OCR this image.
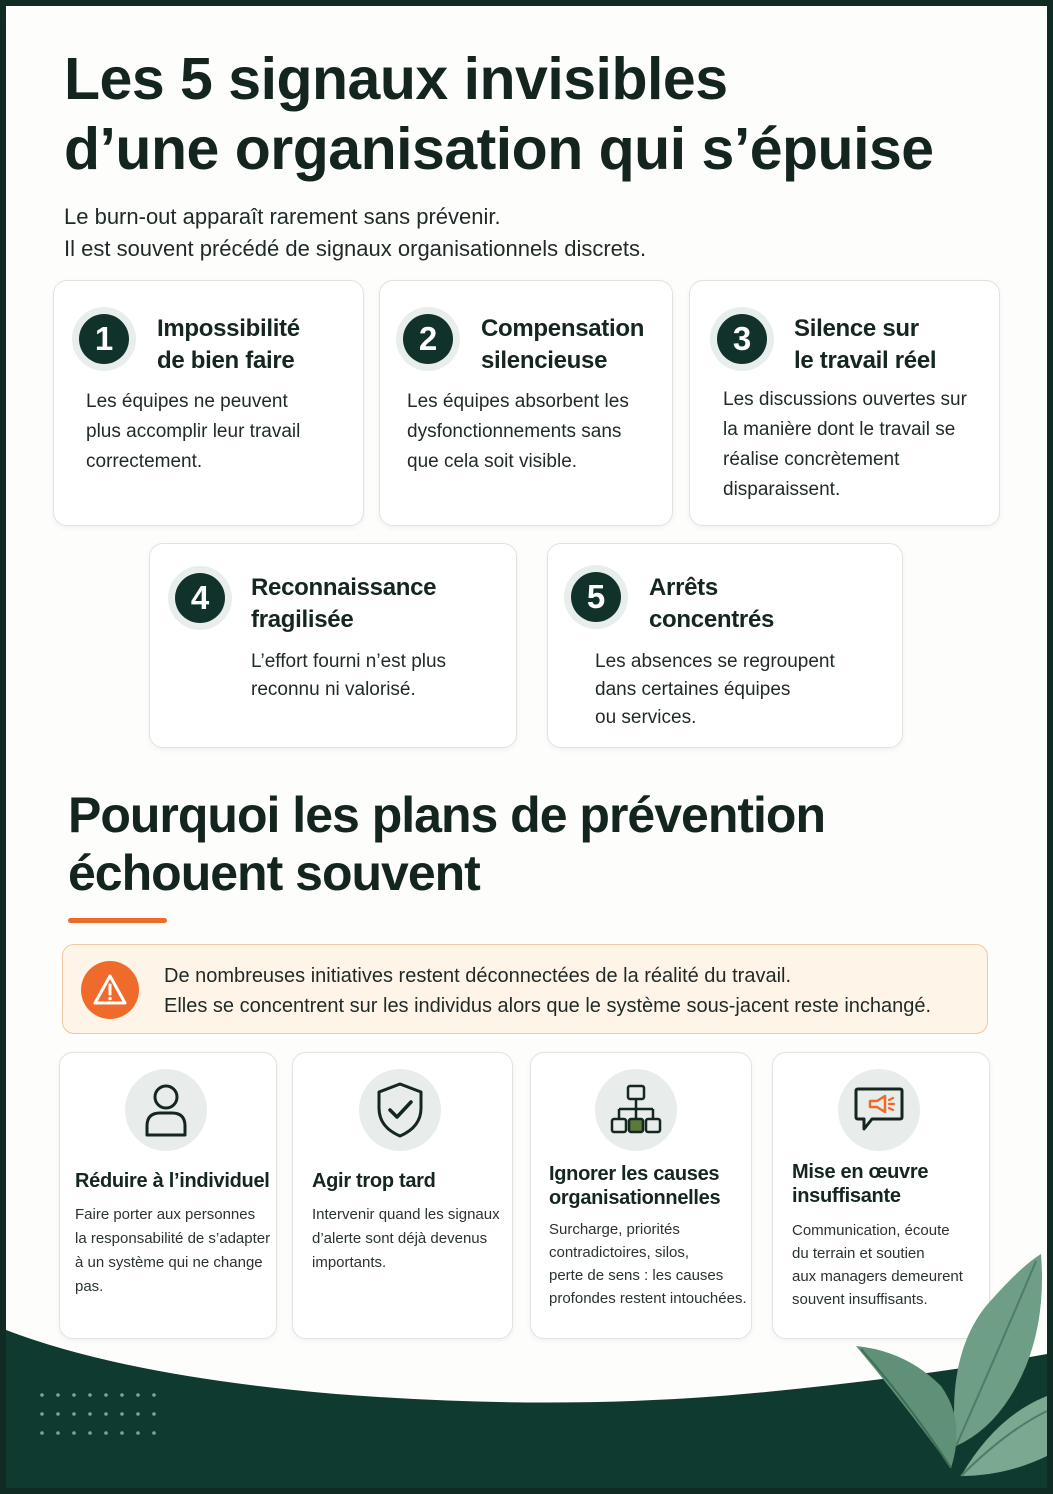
Les 5 signaux invisibles
d’une organisation qui s’épuise
Le burn-out apparaît rarement sans prévenir.
Il est souvent précédé de signaux organisationnels discrets.
1	Impossibilité
de bien faire
Les équipes ne peuvent
plus accomplir leur travail
correctement.
2	Compensation
silencieuse
Les équipes absorbent les
dysfonctionnements sans
que cela soit visible.
3	Silence sur
le travail réel
Les discussions ouvertes sur
la manière dont le travail se
réalise concrètement
disparaissent.
4	Reconnaissance
fragilisée
L’effort fourni n’est plus
reconnu ni valorisé.
5	Arrêts
concentrés
Les absences se regroupent
dans certaines équipes
ou services.
Pourquoi les plans de prévention
échouent souvent
De nombreuses initiatives restent déconnectées de la réalité du travail.
Elles se concentrent sur les individus alors que le système sous-jacent reste inchangé.
Réduire à l’individuel
Faire porter aux personnes
la responsabilité de s’adapter
à un système qui ne change
pas.
Agir trop tard
Intervenir quand les signaux
d’alerte sont déjà devenus
importants.
Ignorer les causes
organisationnelles
Surcharge, priorités
contradictoires, silos,
perte de sens : les causes
profondes restent intouchées.
Mise en œuvre
insuffisante
Communication, écoute
du terrain et soutien
aux managers demeurent
souvent insuffisants.
